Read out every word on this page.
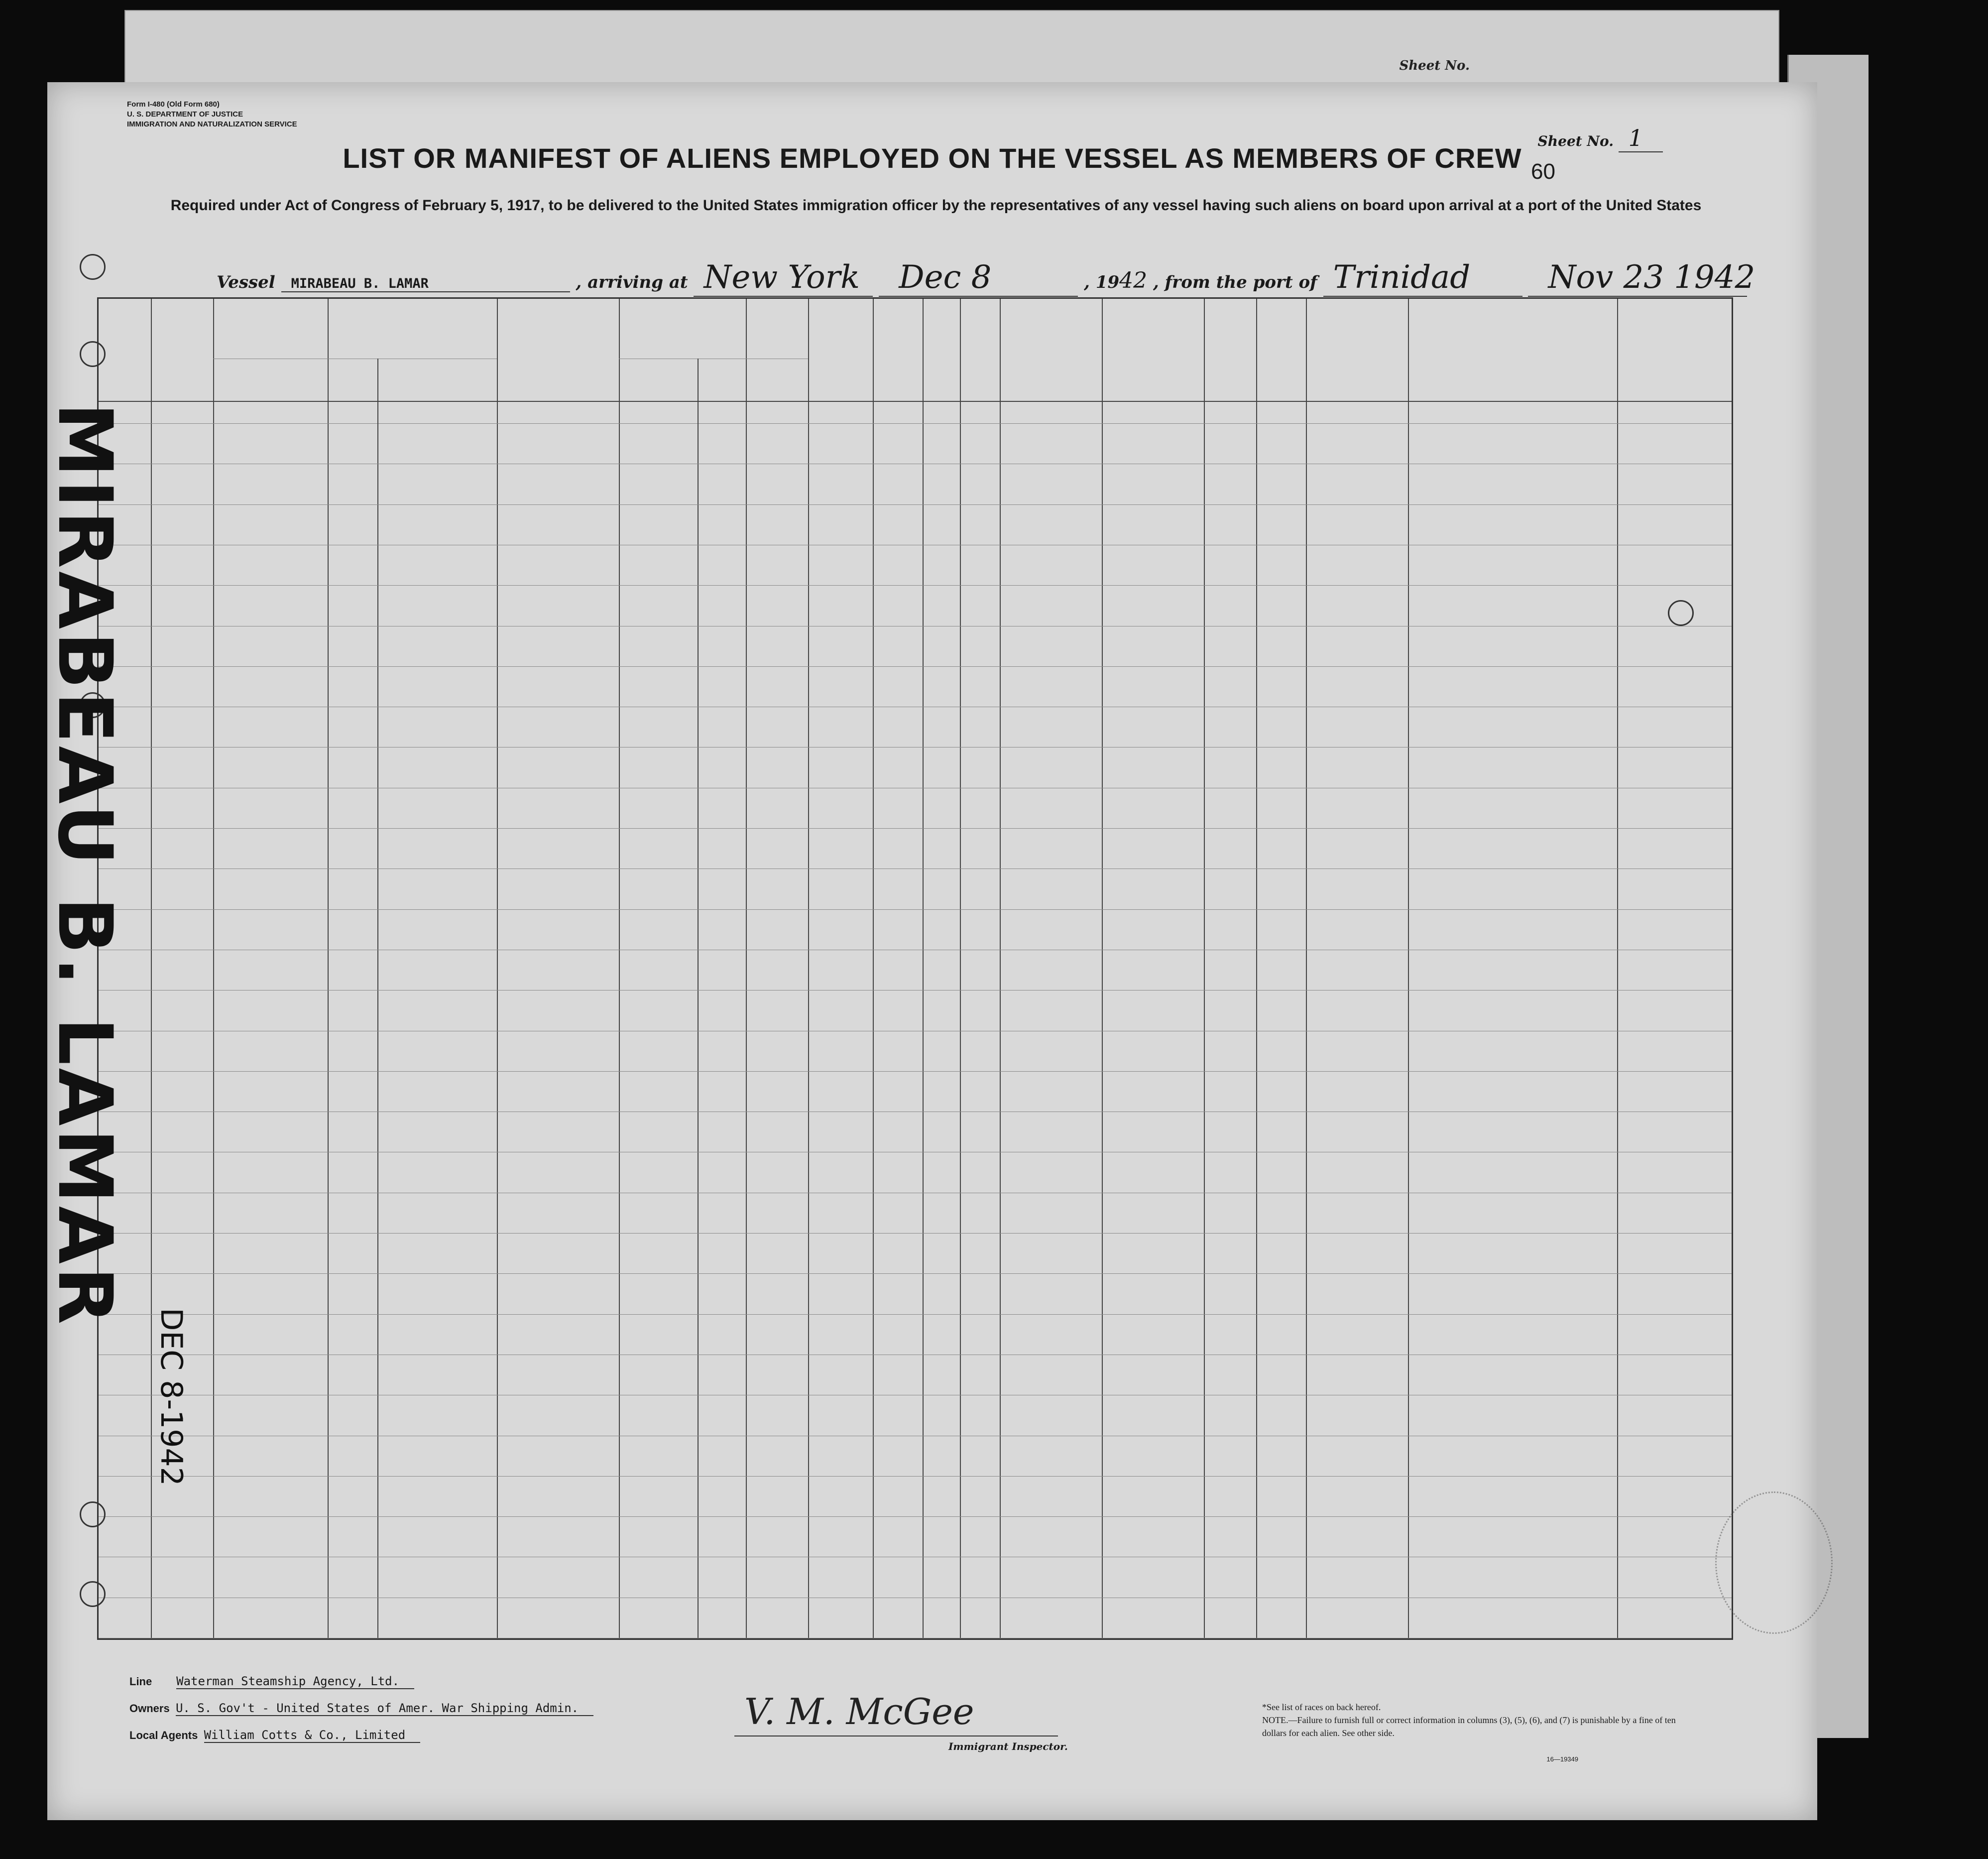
Sheet No.
Form I-480 (Old Form 680)
U. S. DEPARTMENT OF JUSTICE
IMMIGRATION AND NATURALIZATION SERVICE
Sheet No. 1
LIST OR MANIFEST OF ALIENS EMPLOYED ON THE VESSEL AS MEMBERS OF CREW 60
Required under Act of Congress of February 5, 1917, to be delivered to the United States immigration officer by the representatives of any vessel having such aliens on board upon arrival at a port of the United States
Vessel MIRABEAU B. LAMAR	, arriving at New York Dec 8	, 1942 , from the port of Trinidad Nov 23 1942
Line Waterman Steamship Agency, Ltd.
Owners U. S. Gov't - United States of Amer. War Shipping Admin.
Local Agents William Cotts & Co., Limited
V. M. McGee
Immigrant Inspector.
*See list of races on back hereof.
NOTE.—Failure to furnish full or correct information in columns (3), (5), (6), and (7) is punishable by a fine of ten dollars for each alien. See other side.
16—19349
MIRABEAU B. LAMAR
DEC 8-1942
